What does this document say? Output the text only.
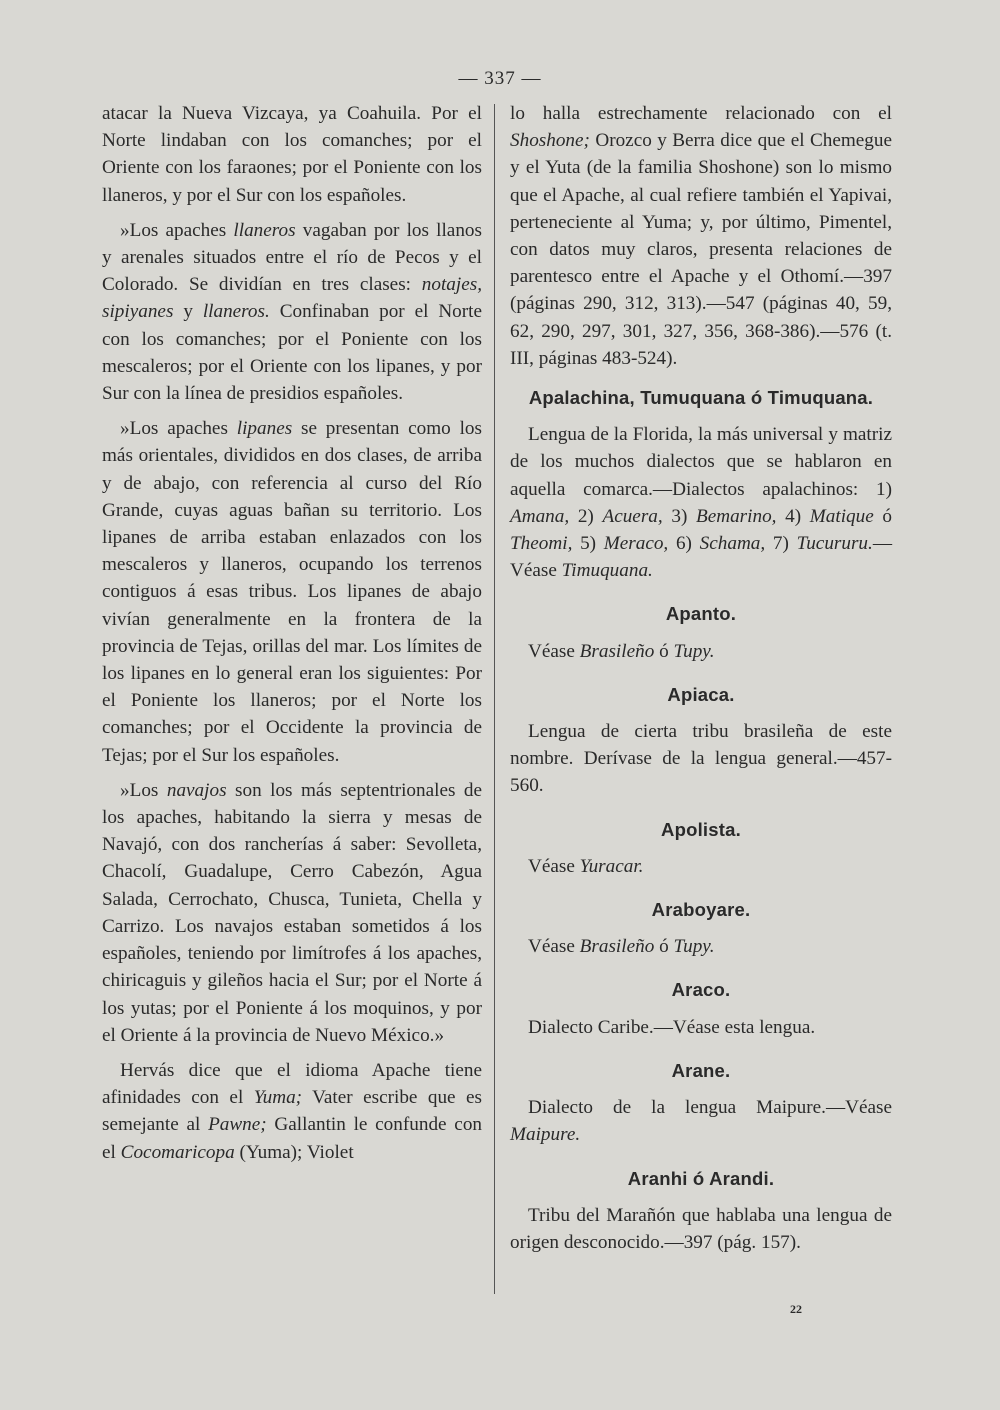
— 337 —

atacar la Nueva Vizcaya, ya Coahuila. Por el Norte lindaban con los comanches; por el Oriente con los faraones; por el Poniente con los llaneros, y por el Sur con los españoles.

»Los apaches llaneros vagaban por los llanos y arenales situados entre el río de Pecos y el Colorado. Se dividían en tres clases: notajes, sipiyanes y llaneros. Confinaban por el Norte con los comanches; por el Poniente con los mescaleros; por el Oriente con los lipanes, y por Sur con la línea de presidios españoles.

»Los apaches lipanes se presentan como los más orientales, divididos en dos clases, de arriba y de abajo, con referencia al curso del Río Grande, cuyas aguas bañan su territorio. Los lipanes de arriba estaban enlazados con los mescaleros y llaneros, ocupando los terrenos contiguos á esas tribus. Los lipanes de abajo vivían generalmente en la frontera de la provincia de Tejas, orillas del mar. Los límites de los lipanes en lo general eran los siguientes: Por el Poniente los llaneros; por el Norte los comanches; por el Occidente la provincia de Tejas; por el Sur los españoles.

»Los navajos son los más septentrionales de los apaches, habitando la sierra y mesas de Navajó, con dos rancherías á saber: Sevolleta, Chacolí, Guadalupe, Cerro Cabezón, Agua Salada, Cerrochato, Chusca, Tunieta, Chella y Carrizo. Los navajos estaban sometidos á los españoles, teniendo por limítrofes á los apaches, chiricaguis y gileños hacia el Sur; por el Norte á los yutas; por el Poniente á los moquinos, y por el Oriente á la provincia de Nuevo México.»

Hervás dice que el idioma Apache tiene afinidades con el Yuma; Vater escribe que es semejante al Pawne; Gallantin le confunde con el Cocomaricopa (Yuma); Violet

lo halla estrechamente relacionado con el Shoshone; Orozco y Berra dice que el Chemegue y el Yuta (de la familia Shoshone) son lo mismo que el Apache, al cual refiere también el Yapivai, perteneciente al Yuma; y, por último, Pimentel, con datos muy claros, presenta relaciones de parentesco entre el Apache y el Othomí.—397 (páginas 290, 312, 313).—547 (páginas 40, 59, 62, 290, 297, 301, 327, 356, 368-386).—576 (t. III, páginas 483-524).

Apalachina, Tumuquana ó Timuquana.

Lengua de la Florida, la más universal y matriz de los muchos dialectos que se hablaron en aquella comarca.—Dialectos apalachinos: 1) Amana, 2) Acuera, 3) Bemarino, 4) Matique ó Theomi, 5) Meraco, 6) Schama, 7) Tucururu.—Véase Timuquana.

Apanto.

Véase Brasileño ó Tupy.

Apiaca.

Lengua de cierta tribu brasileña de este nombre. Derívase de la lengua general.—457-560.

Apolista.

Véase Yuracar.

Araboyare.

Véase Brasileño ó Tupy.

Araco.

Dialecto Caribe.—Véase esta lengua.

Arane.

Dialecto de la lengua Maipure.—Véase Maipure.

Aranhi ó Arandi.

Tribu del Marañón que hablaba una lengua de origen desconocido.—397 (pág. 157).

22
